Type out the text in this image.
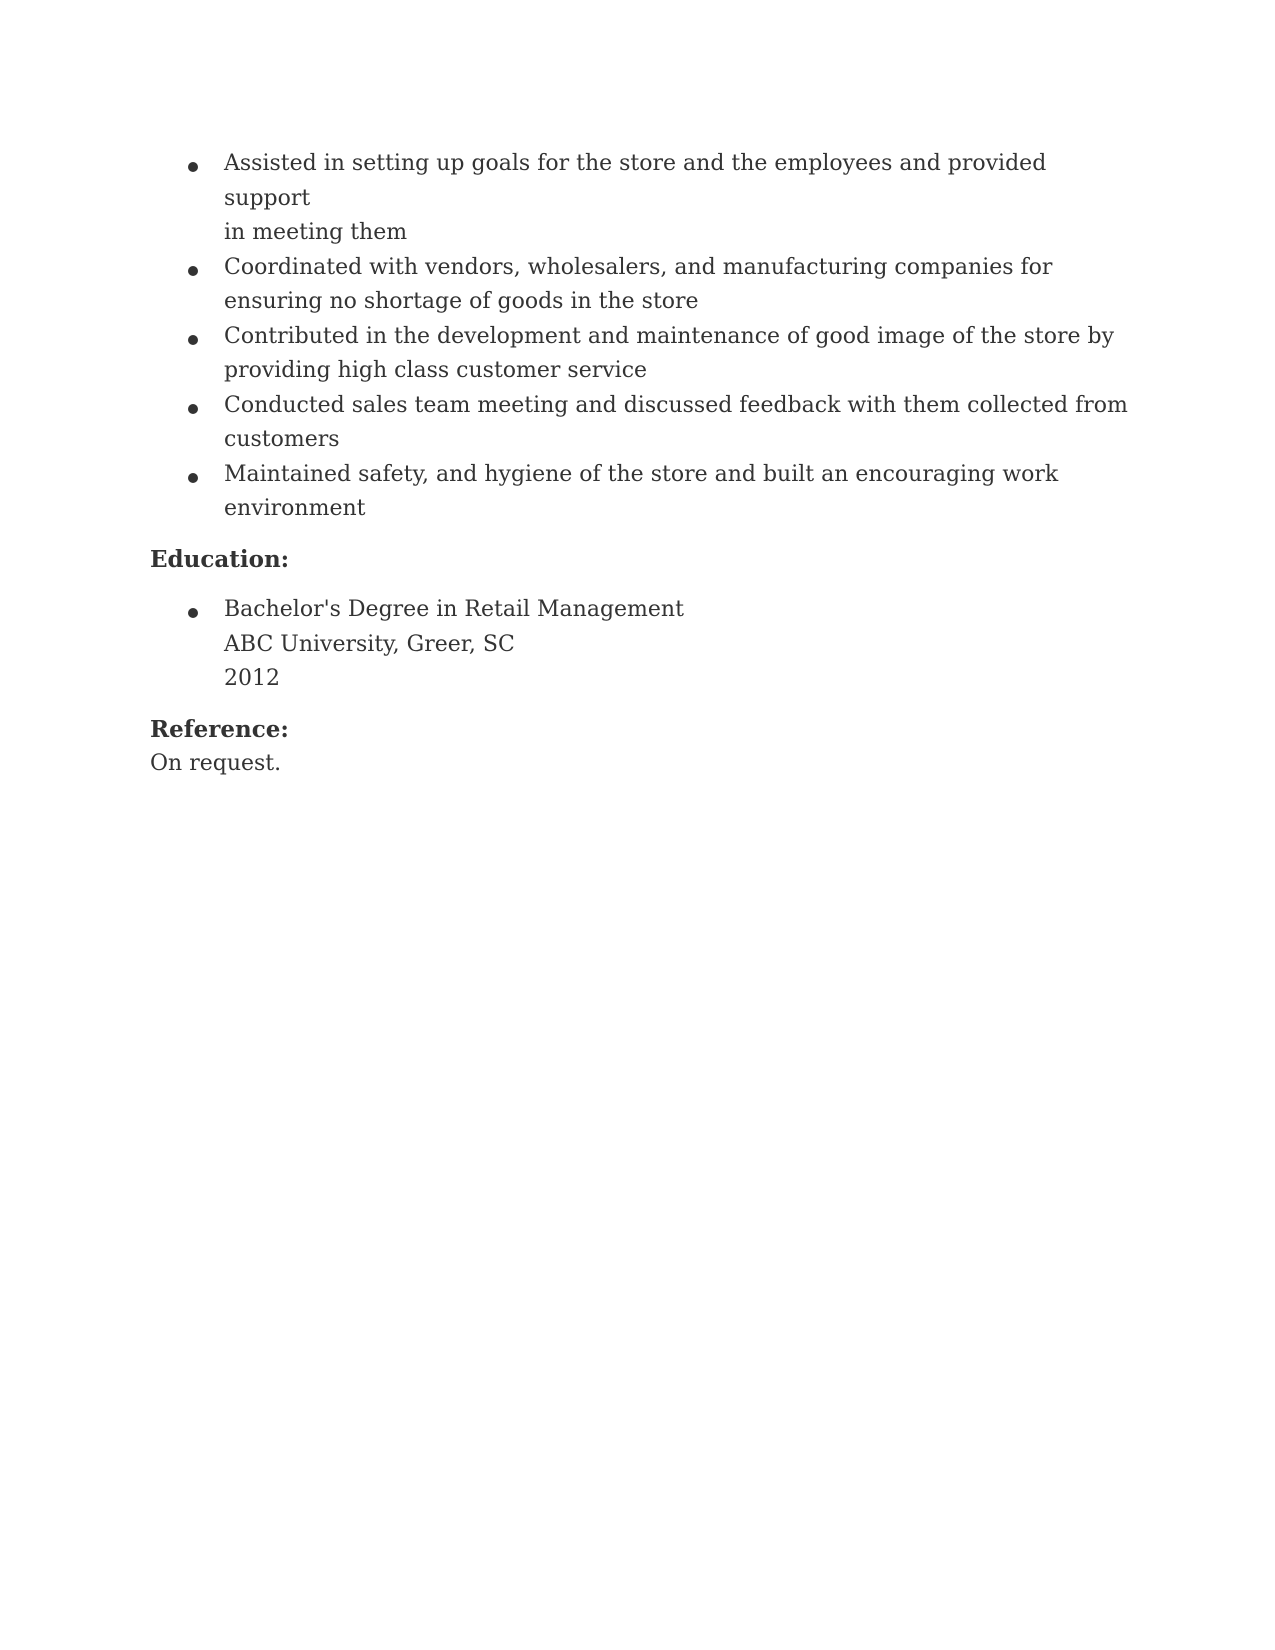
Assisted in setting up goals for the store and the employees and provided support
in meeting them
Coordinated with vendors, wholesalers, and manufacturing companies for
ensuring no shortage of goods in the store
Contributed in the development and maintenance of good image of the store by
providing high class customer service
Conducted sales team meeting and discussed feedback with them collected from
customers
Maintained safety, and hygiene of the store and built an encouraging work
environment
Education:
Bachelor's Degree in Retail Management
ABC University, Greer, SC
2012
Reference:

On request.
